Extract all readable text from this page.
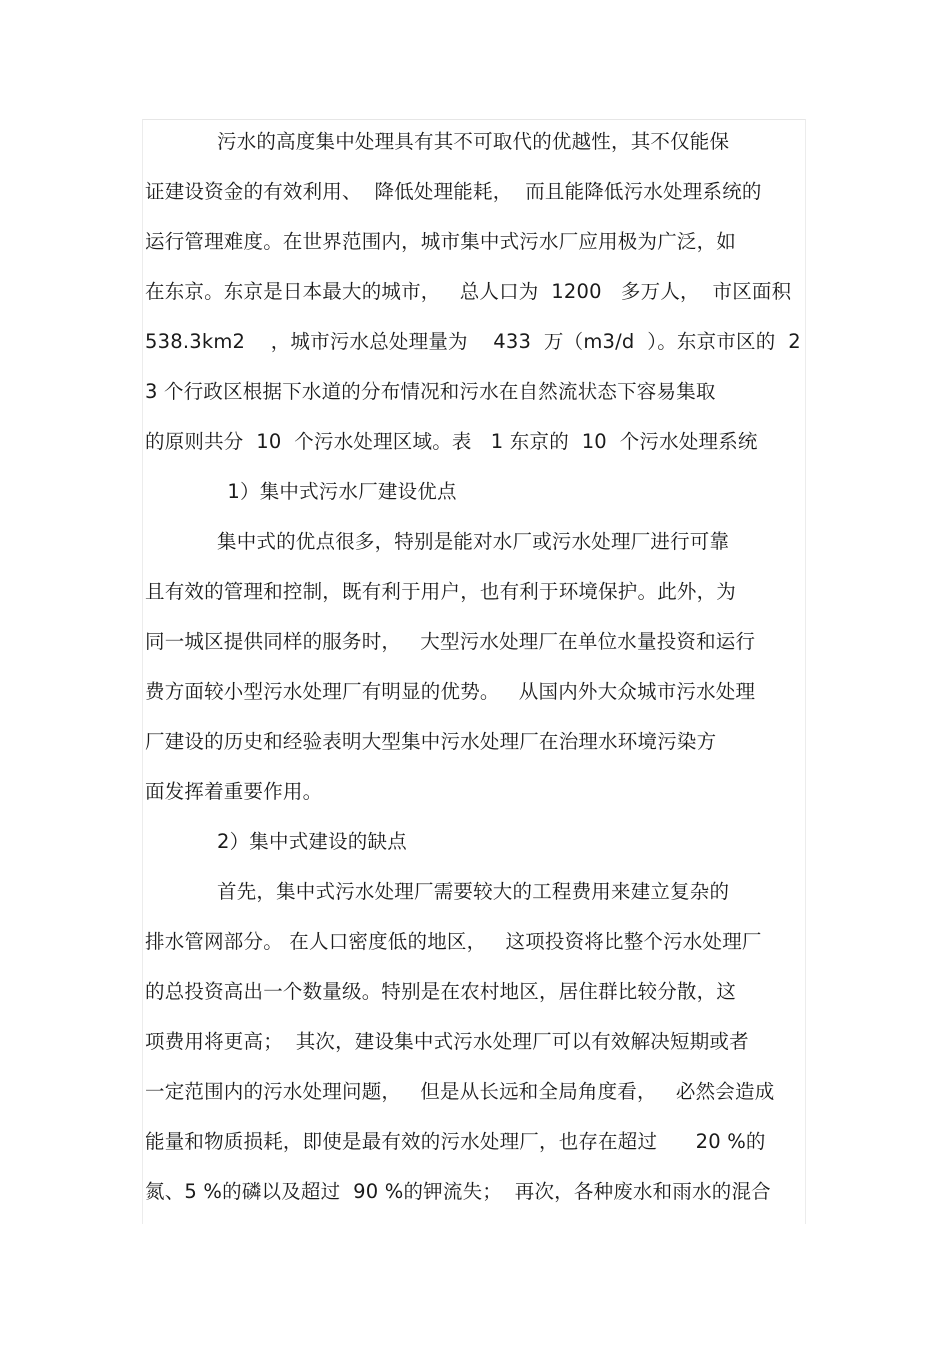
污水的高度集中处理具有其不可取代的优越性，其不仅能保
证建设资金的有效利用、  降低处理能耗，  而且能降低污水处理系统的
运行管理难度。在世界范围内，城市集中式污水厂应用极为广泛，如
在东京。东京是日本最大的城市，   总人口为  1200   多万人，  市区面积
538.3km2    ，城市污水总处理量为    433  万（m3/d  ）。东京市区的  2
3 个行政区根据下水道的分布情况和污水在自然流状态下容易集取
的原则共分  10  个污水处理区域。表   1 东京的  10  个污水处理系统
1）集中式污水厂建设优点
集中式的优点很多，特别是能对水厂或污水处理厂进行可靠
且有效的管理和控制，既有利于用户，也有利于环境保护。此外，为
同一城区提供同样的服务时，   大型污水处理厂在单位水量投资和运行
费方面较小型污水处理厂有明显的优势。   从国内外大众城市污水处理
厂建设的历史和经验表明大型集中污水处理厂在治理水环境污染方
面发挥着重要作用。
2）集中式建设的缺点
首先，集中式污水处理厂需要较大的工程费用来建立复杂的
排水管网部分。 在人口密度低的地区，   这项投资将比整个污水处理厂
的总投资高出一个数量级。特别是在农村地区，居住群比较分散，这
项费用将更高；  其次，建设集中式污水处理厂可以有效解决短期或者
一定范围内的污水处理问题，   但是从长远和全局角度看，   必然会造成
能量和物质损耗，即使是最有效的污水处理厂，也存在超过      20 %的
氮、5 %的磷以及超过  90 %的钾流失；  再次，各种废水和雨水的混合
